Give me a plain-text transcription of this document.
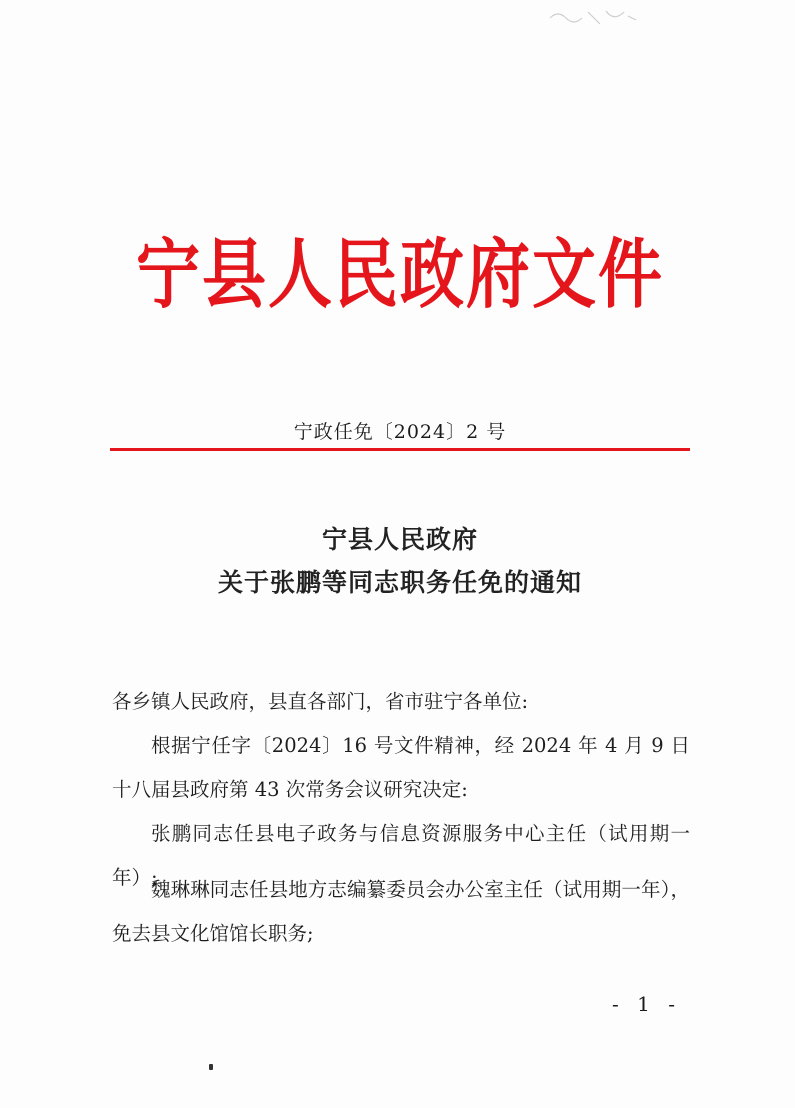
宁县人民政府文件
宁政任免〔2024〕2 号
宁县人民政府
关于张鹏等同志职务任免的通知
各乡镇人民政府，县直各部门，省市驻宁各单位:

根据宁任字〔2024〕16 号文件精神，经 2024 年 4 月 9 日十八届县政府第 43 次常务会议研究决定:

张鹏同志任县电子政务与信息资源服务中心主任（试用期一年）;

魏琳琳同志任县地方志编纂委员会办公室主任（试用期一年），免去县文化馆馆长职务;

- 1 -
